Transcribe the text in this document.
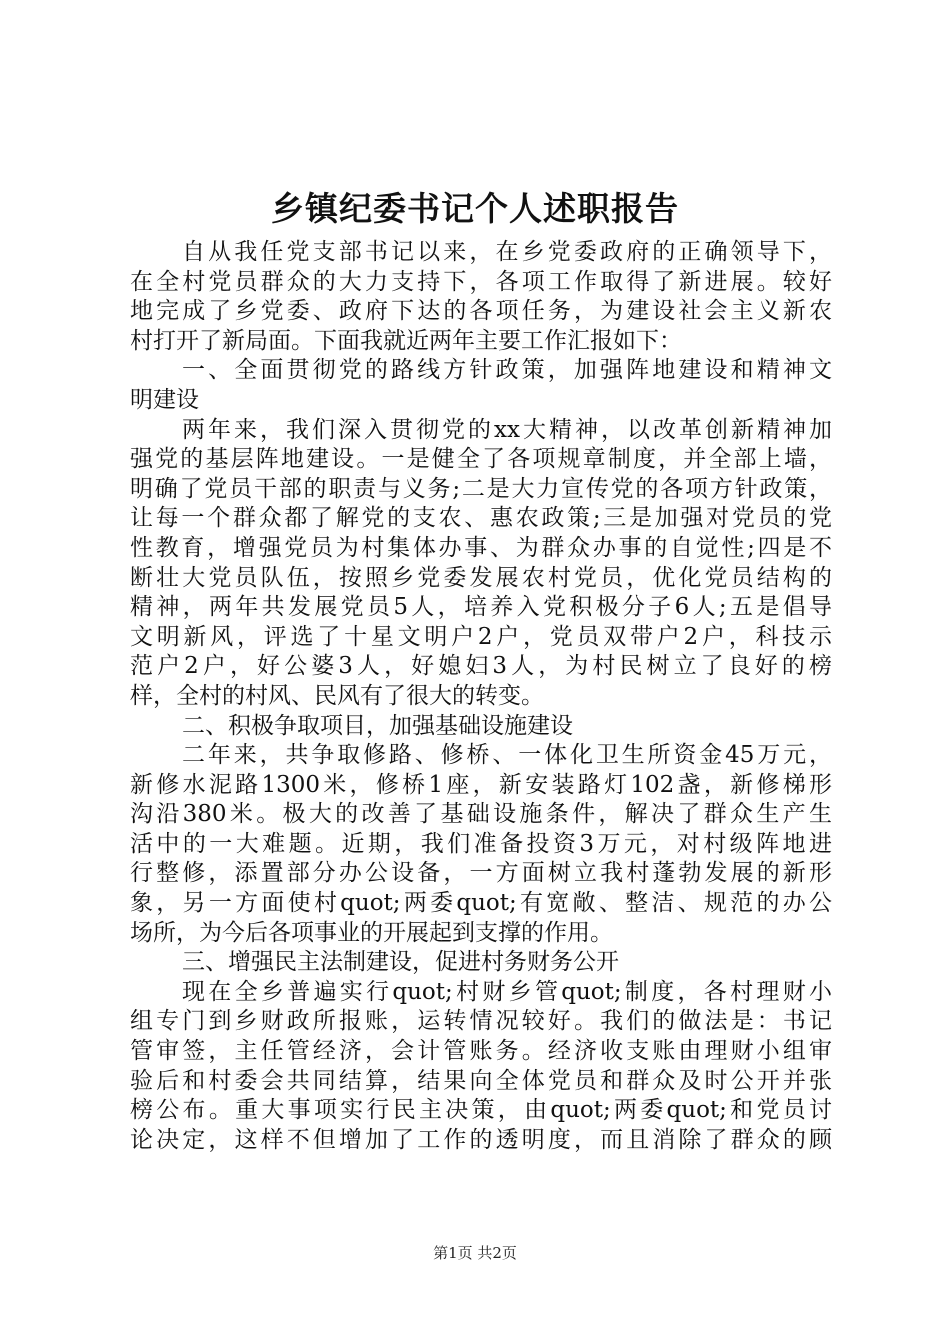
乡镇纪委书记个人述职报告
自从我任党支部书记以来，在乡党委政府的正确领导下，
在全村党员群众的大力支持下，各项工作取得了新进展。较好
地完成了乡党委、政府下达的各项任务，为建设社会主义新农
村打开了新局面。下面我就近两年主要工作汇报如下：
一、全面贯彻党的路线方针政策，加强阵地建设和精神文
明建设
两年来，我们深入贯彻党的xx大精神，以改革创新精神加
强党的基层阵地建设。一是健全了各项规章制度，并全部上墙，
明确了党员干部的职责与义务;二是大力宣传党的各项方针政策，
让每一个群众都了解党的支农、惠农政策;三是加强对党员的党
性教育，增强党员为村集体办事、为群众办事的自觉性;四是不
断壮大党员队伍，按照乡党委发展农村党员，优化党员结构的
精神，两年共发展党员5人，培养入党积极分子6人;五是倡导
文明新风，评选了十星文明户2户，党员双带户2户，科技示
范户2户，好公婆3人，好媳妇3人，为村民树立了良好的榜
样，全村的村风、民风有了很大的转变。
二、积极争取项目，加强基础设施建设
二年来，共争取修路、修桥、一体化卫生所资金45万元，
新修水泥路1300米，修桥1座，新安装路灯102盏，新修梯形
沟沿380米。极大的改善了基础设施条件，解决了群众生产生
活中的一大难题。近期，我们准备投资3万元，对村级阵地进
行整修，添置部分办公设备，一方面树立我村蓬勃发展的新形
象，另一方面使村quot;两委quot;有宽敞、整洁、规范的办公
场所，为今后各项事业的开展起到支撑的作用。
三、增强民主法制建设，促进村务财务公开
现在全乡普遍实行quot;村财乡管quot;制度，各村理财小
组专门到乡财政所报账，运转情况较好。我们的做法是：书记
管审签，主任管经济，会计管账务。经济收支账由理财小组审
验后和村委会共同结算，结果向全体党员和群众及时公开并张
榜公布。重大事项实行民主决策，由quot;两委quot;和党员讨
论决定，这样不但增加了工作的透明度，而且消除了群众的顾
第1页 共2页
